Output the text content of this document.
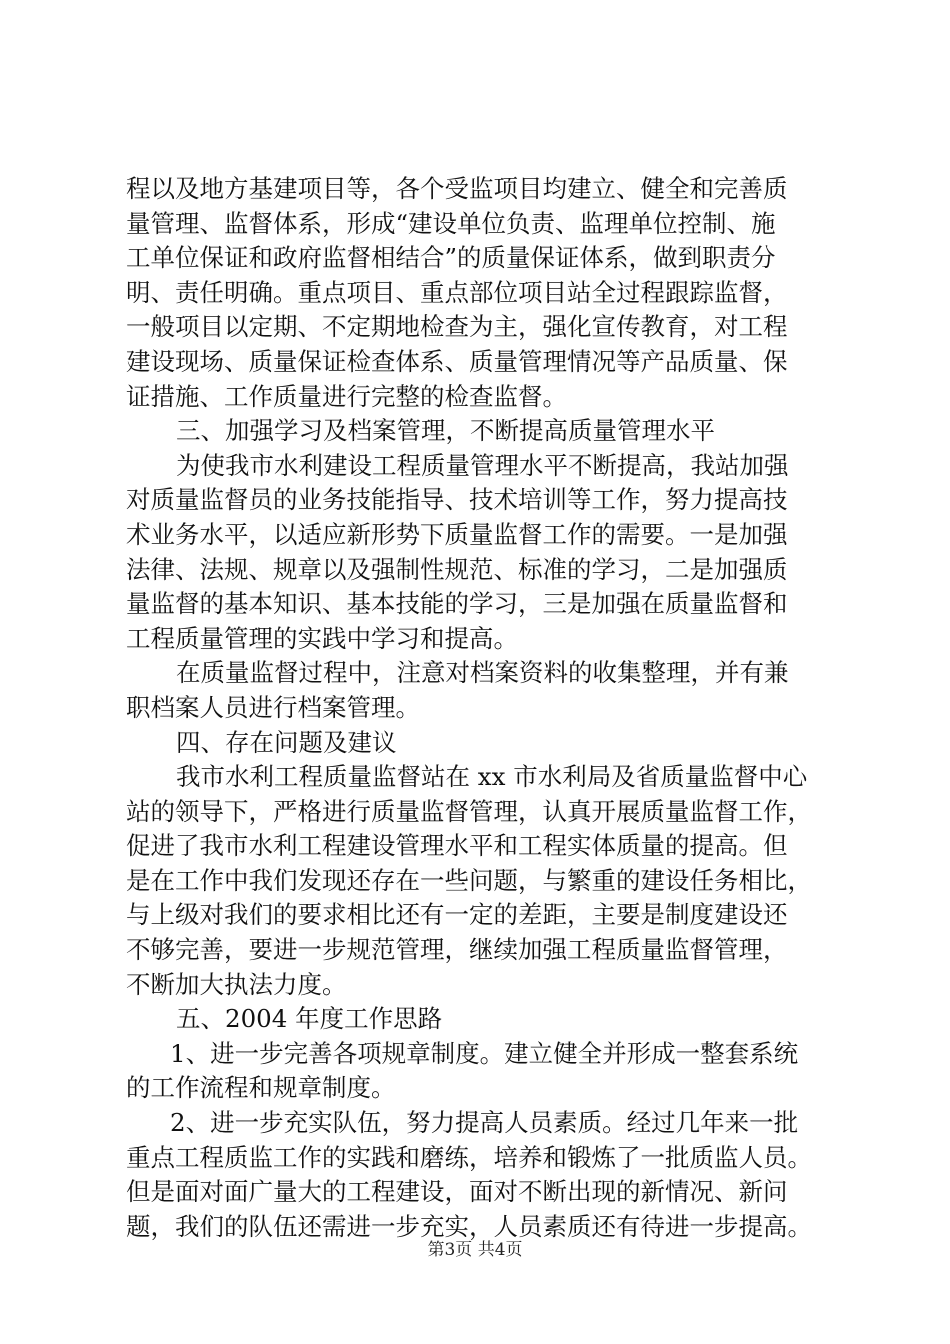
程以及地方基建项目等，各个受监项目均建立、健全和完善质
量管理、监督体系，形成“建设单位负责、监理单位控制、施
工单位保证和政府监督相结合”的质量保证体系，做到职责分
明、责任明确。重点项目、重点部位项目站全过程跟踪监督，
一般项目以定期、不定期地检查为主，强化宣传教育，对工程
建设现场、质量保证检查体系、质量管理情况等产品质量、保
证措施、工作质量进行完整的检查监督。
三、加强学习及档案管理，不断提高质量管理水平
为使我市水利建设工程质量管理水平不断提高，我站加强
对质量监督员的业务技能指导、技术培训等工作，努力提高技
术业务水平，以适应新形势下质量监督工作的需要。一是加强
法律、法规、规章以及强制性规范、标准的学习，二是加强质
量监督的基本知识、基本技能的学习，三是加强在质量监督和
工程质量管理的实践中学习和提高。
在质量监督过程中，注意对档案资料的收集整理，并有兼
职档案人员进行档案管理。
四、存在问题及建议
我市水利工程质量监督站在 xx 市水利局及省质量监督中心
站的领导下，严格进行质量监督管理，认真开展质量监督工作，
促进了我市水利工程建设管理水平和工程实体质量的提高。但
是在工作中我们发现还存在一些问题，与繁重的建设任务相比，
与上级对我们的要求相比还有一定的差距，主要是制度建设还
不够完善，要进一步规范管理，继续加强工程质量监督管理，
不断加大执法力度。
五、2004 年度工作思路
1、进一步完善各项规章制度。建立健全并形成一整套系统
的工作流程和规章制度。
2、进一步充实队伍，努力提高人员素质。经过几年来一批
重点工程质监工作的实践和磨练，培养和锻炼了一批质监人员。
但是面对面广量大的工程建设，面对不断出现的新情况、新问
题，我们的队伍还需进一步充实，人员素质还有待进一步提高。
第3页 共4页
